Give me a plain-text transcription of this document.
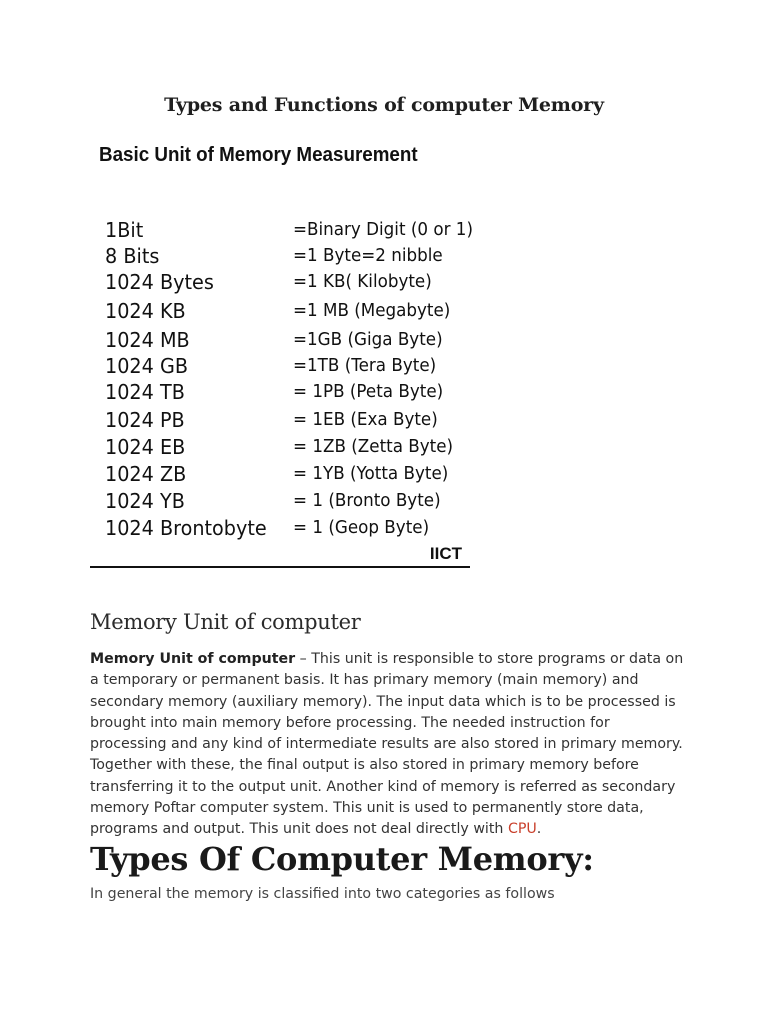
Types and Functions of computer Memory
Basic Unit of Memory Measurement
1Bit	=Binary Digit (0 or 1)
8 Bits	=1 Byte=2 nibble
1024 Bytes	=1 KB( Kilobyte)
1024 KB	=1 MB (Megabyte)
1024 MB	=1GB (Giga Byte)
1024 GB	=1TB (Tera Byte)
1024 TB	= 1PB (Peta Byte)
1024 PB	= 1EB (Exa Byte)
1024 EB	= 1ZB (Zetta Byte)
1024 ZB	= 1YB (Yotta Byte)
1024 YB	= 1 (Bronto Byte)
1024 Brontobyte = 1 (Geop Byte)
IICT
Memory Unit of computer

Memory Unit of computer – This unit is responsible to store programs or data on a temporary or permanent basis. It has primary memory (main memory) and secondary memory (auxiliary memory). The input data which is to be processed is brought into main memory before processing. The needed instruction for processing and any kind of intermediate results are also stored in primary memory. Together with these, the final output is also stored in primary memory before transferring it to the output unit. Another kind of memory is referred as secondary memory Poftar computer system. This unit is used to permanently store data, programs and output. This unit does not deal directly with CPU.

Types Of Computer Memory:
In general the memory is classified into two categories as follows
